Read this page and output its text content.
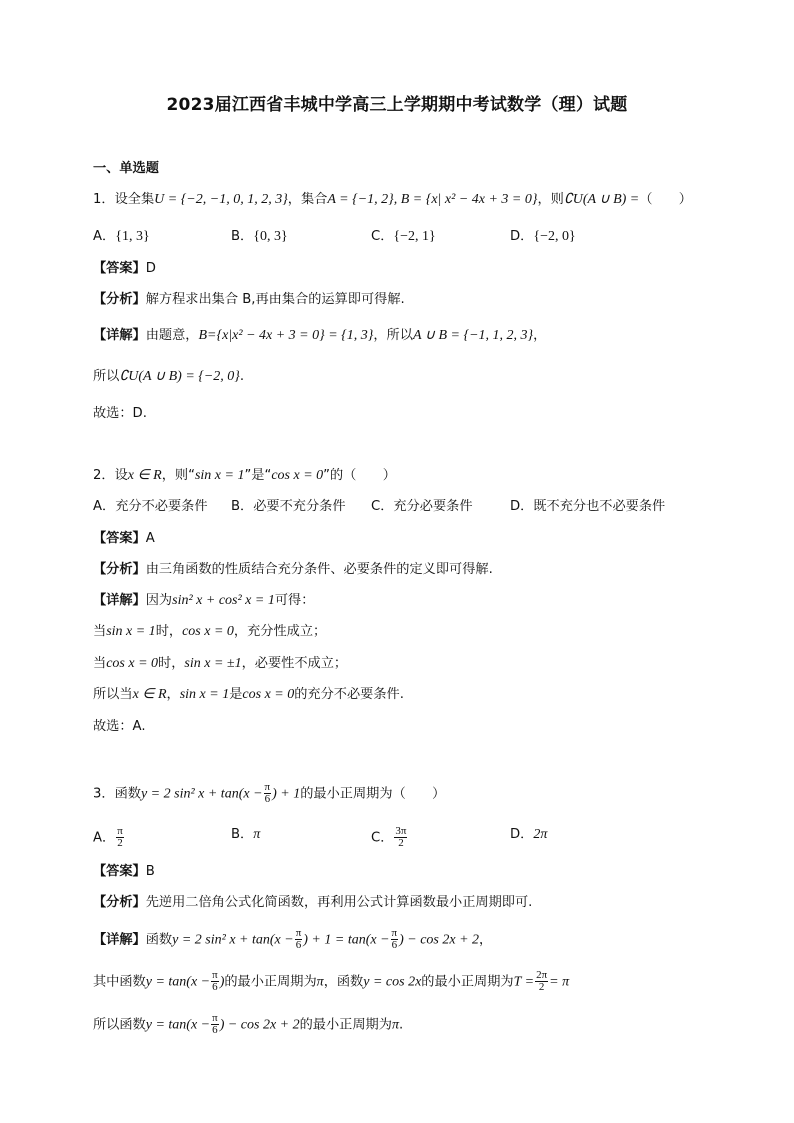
2023届江西省丰城中学高三上学期期中考试数学（理）试题
一、单选题
1．设全集U = {−2, −1, 0, 1, 2, 3}，集合A = {−1, 2}, B = {x| x² − 4x + 3 = 0}，则∁U(A ∪ B) =（　　）
A．{1, 3}	B．{0, 3}	C．{−2, 1}	D．{−2, 0}
【答案】D
【分析】解方程求出集合 B,再由集合的运算即可得解.
【详解】由题意，B={x|x² − 4x + 3 = 0} = {1, 3}，所以A ∪ B = {−1, 1, 2, 3}，
所以∁U(A ∪ B) = {−2, 0}.
故选：D.
2．设x ∈ R，则“sin x = 1”是“cos x = 0”的（　　）
A．充分不必要条件 B．必要不充分条件 C．充分必要条件	D．既不充分也不必要条件
【答案】A
【分析】由三角函数的性质结合充分条件、必要条件的定义即可得解.
【详解】因为sin² x + cos² x = 1可得：
当sin x = 1时，cos x = 0，充分性成立；
当cos x = 0时，sin x = ±1，必要性不成立；
所以当x ∈ R，sin x = 1是cos x = 0的充分不必要条件.
故选：A.
3．函数y = 2 sin² $x + \tan(x - \frac{\pi}{6}$ ) + 1的最小正周期为（　　）
A． $\frac{\pi}{2}$	B．π	C． $\frac{3\pi}{2}$	D．2π
【答案】B
【分析】先逆用二倍角公式化简函数，再利用公式计算函数最小正周期即可.
【详解】函数y = 2 sin² $x + \tan(x - \frac{\pi}{6}$ ) + $1 = \tan(x - \frac{\pi}{6}$ ) − cos 2x + 2，
其中函数$y = \tan(x - \frac{\pi}{6}$ )的最小正周期为π，函数y = cos 2x的最小正周期为$T = \frac{2\pi}{2} = \pi$
所以函数$y = \tan(x - \frac{\pi}{6}$ ) − cos 2x + 2的最小正周期为π.
